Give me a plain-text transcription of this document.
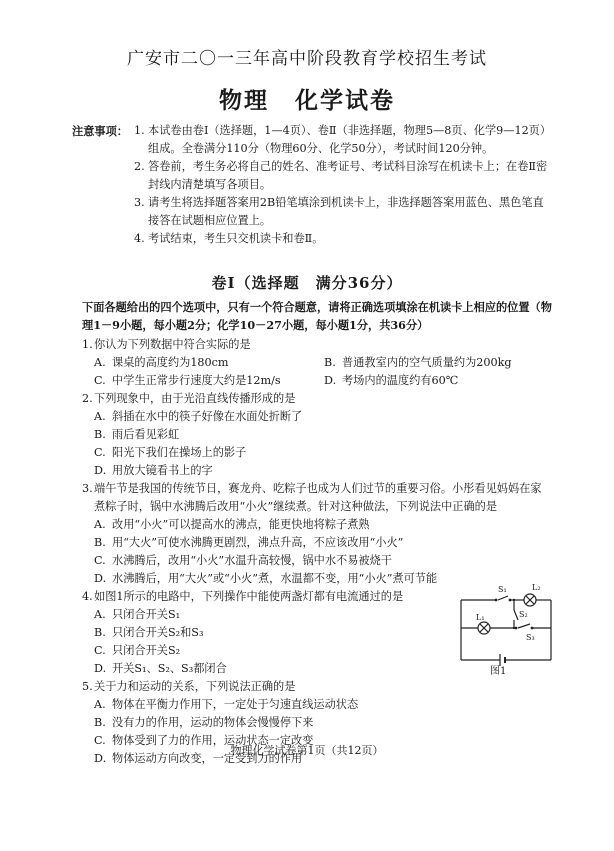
广安市二〇一三年高中阶段教育学校招生考试
物理 化学试卷
注意事项： 1. 本试卷由卷Ⅰ（选择题，1—4页）、卷Ⅱ（非选择题，物理5—8页、化学9—12页）组成。全卷满分110分（物理60分、化学50分），考试时间120分钟。
2. 答卷前，考生务必将自己的姓名、准考证号、考试科目涂写在机读卡上；在卷Ⅱ密封线内清楚填写各项目。
3. 请考生将选择题答案用2B铅笔填涂到机读卡上，非选择题答案用蓝色、黑色笔直接答在试题相应位置上。
4. 考试结束，考生只交机读卡和卷Ⅱ。
卷Ⅰ（选择题　满分36分）
下面各题给出的四个选项中，只有一个符合题意，请将正确选项填涂在机读卡上相应的位置（物理1－9小题，每小题2分；化学10－27小题，每小题1分，共36分）
1. 你认为下列数据中符合实际的是
A. 课桌的高度约为180cm	B. 普通教室内的空气质量约为200kg
C. 中学生正常步行速度大约是12m/s	D. 考场内的温度约有60℃
2. 下列现象中，由于光沿直线传播形成的是
A. 斜插在水中的筷子好像在水面处折断了
B. 雨后看见彩虹
C. 阳光下我们在操场上的影子
D. 用放大镜看书上的字
3. 端午节是我国的传统节日，赛龙舟、吃粽子也成为人们过节的重要习俗。小彤看见妈妈在家煮粽子时，锅中水沸腾后改用“小火”继续煮。针对这种做法，下列说法中正确的是
A. 改用“小火”可以提高水的沸点，能更快地将粽子煮熟
B. 用“大火”可使水沸腾更剧烈，沸点升高，不应该改用“小火”
C. 水沸腾后，改用“小火”水温升高较慢，锅中水不易被烧干
D. 水沸腾后，用“大火”或“小火”煮，水温都不变，用“小火”煮可节能
4. 如图1所示的电路中，下列操作中能使两盏灯都有电流通过的是
A. 只闭合开关S₁
B. 只闭合开关S₂和S₃
C. 只闭合开关S₂
D. 开关S₁、S₂、S₃都闭合
5. 关于力和运动的关系，下列说法正确的是
A. 物体在平衡力作用下，一定处于匀速直线运动状态
B. 没有力的作用，运动的物体会慢慢停下来
C. 物体受到了力的作用，运动状态一定改变
D. 物体运动方向改变，一定受到力的作用
S₁	L₂
S₂
L₁
S₃
图1
物理化学试卷第1页（共12页）
